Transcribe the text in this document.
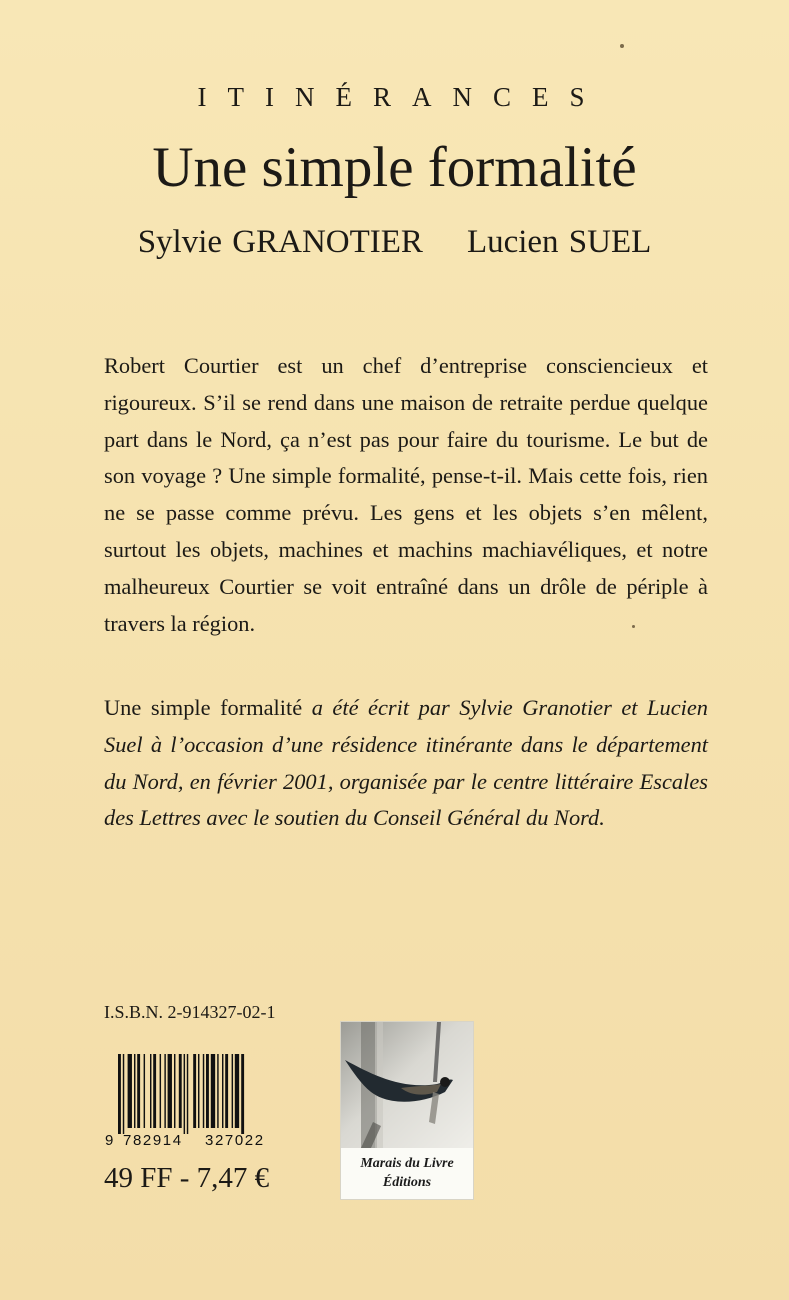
ITINÉRANCES
Une simple formalité
Sylvie GRANOTIER Lucien SUEL

Robert Courtier est un chef d’entreprise consciencieux et rigoureux. S’il se rend dans une maison de retraite perdue quelque part dans le Nord, ça n’est pas pour faire du tourisme. Le but de son voyage ? Une simple formalité, pense-t-il. Mais cette fois, rien ne se passe comme prévu. Les gens et les objets s’en mêlent, surtout les objets, machines et machins machiavéliques, et notre malheureux Courtier se voit entraîné dans un drôle de périple à travers la région.

Une simple formalité a été écrit par Sylvie Granotier et Lucien Suel à l’occasion d’une résidence itinérante dans le département du Nord, en février 2001, organisée par le centre littéraire Escales des Lettres avec le soutien du Conseil Général du Nord.

I.S.B.N. 2-914327-02-1
9 782914 327022
49 FF - 7,47 €	Marais du Livre
Éditions
